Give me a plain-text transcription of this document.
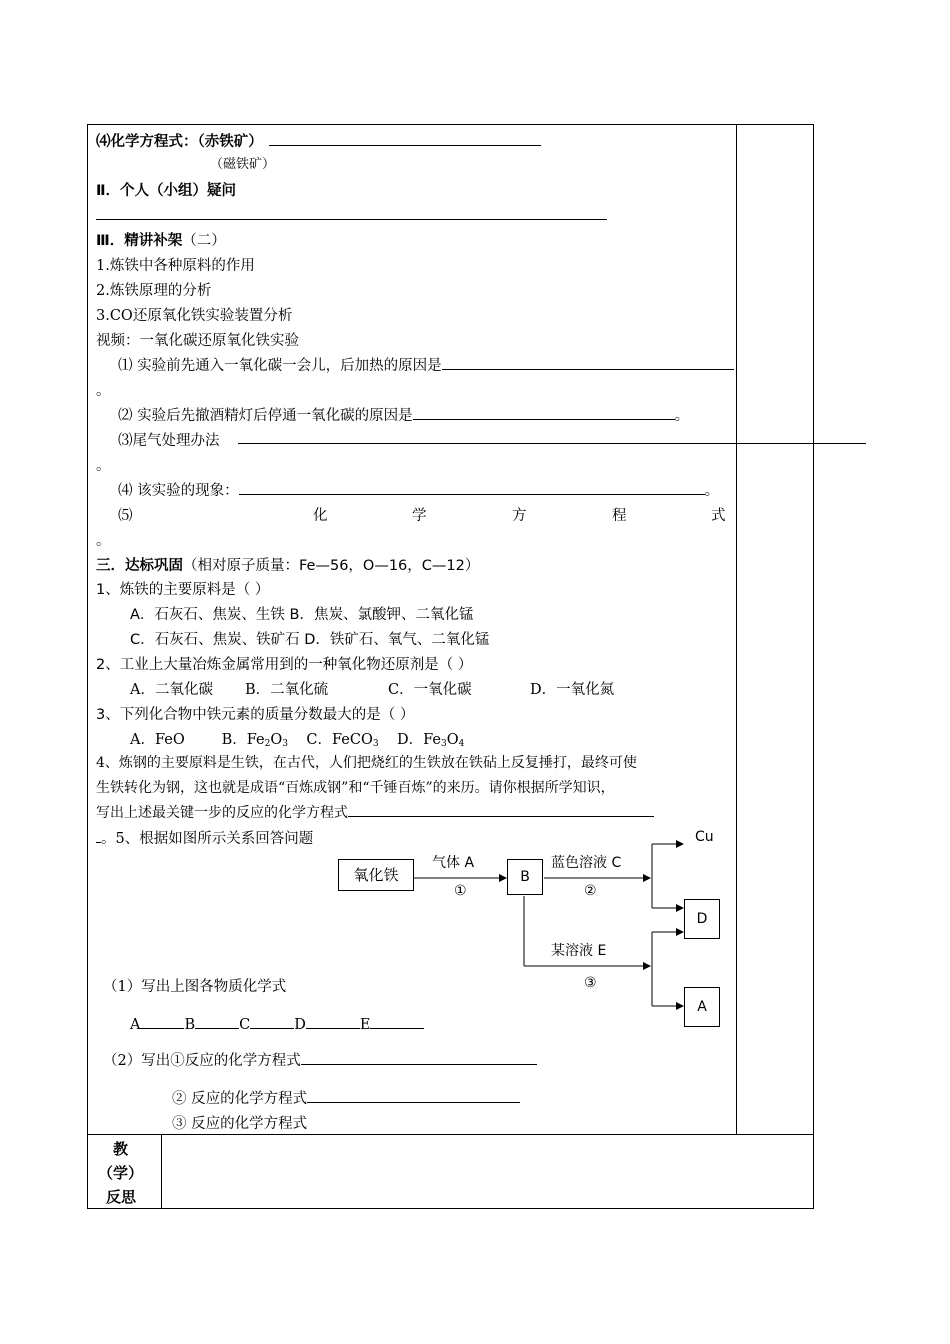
⑷化学方程式：（赤铁矿）
（磁铁矿）
Ⅱ．个人（小组）疑问
Ⅲ．精讲补架（二）
1.炼铁中各种原料的作用
2.炼铁原理的分析
3.CO还原氧化铁实验装置分析
视频：一氧化碳还原氧化铁实验
⑴ 实验前先通入一氧化碳一会儿，后加热的原因是
。
⑵ 实验后先撤酒精灯后停通一氧化碳的原因是	。
⑶尾气处理办法
。
⑷ 该实验的现象：	。
⑸	化	学	方	程	式
。
三．达标巩固（相对原子质量：Fe—56，O—16，C—12）
1、炼铁的主要原料是（ ）
A．石灰石、焦炭、生铁 B．焦炭、氯酸钾、二氧化锰
C．石灰石、焦炭、铁矿石 D．铁矿石、氧气、二氧化锰
2、工业上大量冶炼金属常用到的一种氧化物还原剂是（ ）
A．二氧化碳 B．二氧化硫	C．一氧化碳	D．一氧化氮
3、下列化合物中铁元素的质量分数最大的是（ ）
A．FeO	B．$Fe_2O_3$ C．FeCO$_3$ D．$Fe_3O_4$
4、炼钢的主要原料是生铁，在古代，人们把烧红的生铁放在铁砧上反复捶打，最终可使
生铁转化为钢，这也就是成语“百炼成钢”和“千锤百炼”的来历。请你根据所学知识，
写出上述最关键一步的反应的化学方程式
。5、根据如图所示关系回答问题
氧化铁	B
D
A
气体 A
①
蓝色溶液 C
②
Cu
某溶液 E
③
（1）写出上图各物质化学式
A	B	C	D	E
（2）写出①反应的化学方程式
② 反应的化学方程式
③ 反应的化学方程式
教
（学）
反思
